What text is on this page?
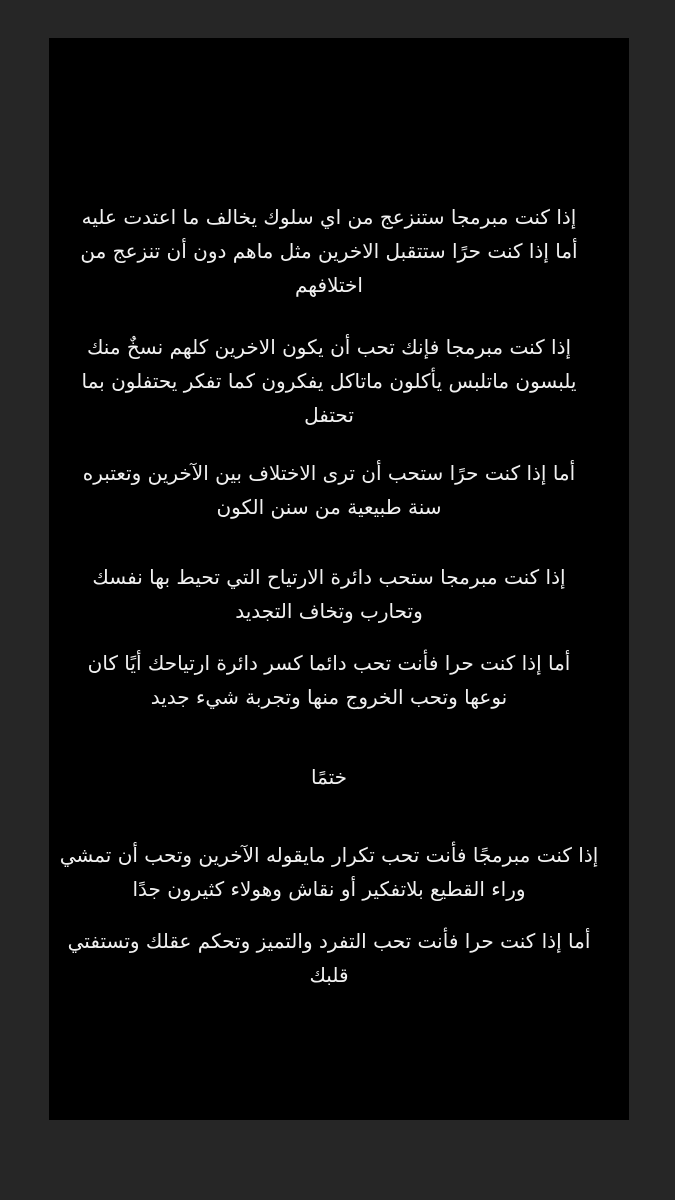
إذا كنت مبرمجا ستنزعج من اي سلوك يخالف ما اعتدت عليه
أما إذا كنت حرًا ستتقبل الاخرين مثل ماهم دون أن تنزعج من
اختلافهم

إذا كنت مبرمجا فإنك تحب أن يكون الاخرين كلهم نسخٌ منك
يلبسون ماتلبس يأكلون ماتاكل يفكرون كما تفكر يحتفلون بما
تحتفل

أما إذا كنت حرًا ستحب أن ترى الاختلاف بين الآخرين وتعتبره
سنة طبيعية من سنن الكون

إذا كنت مبرمجا ستحب دائرة الارتياح التي تحيط بها نفسك
وتحارب وتخاف التجديد

أما إذا كنت حرا فأنت تحب دائما كسر دائرة ارتياحك أيًا كان
نوعها وتحب الخروج منها وتجربة شيء جديد

ختمًا

إذا كنت مبرمجًا فأنت تحب تكرار مايقوله الآخرين وتحب أن تمشي
وراء القطيع بلاتفكير أو نقاش وهولاء كثيرون جدًا

أما إذا كنت حرا فأنت تحب التفرد والتميز وتحكم عقلك وتستفتي
قلبك
